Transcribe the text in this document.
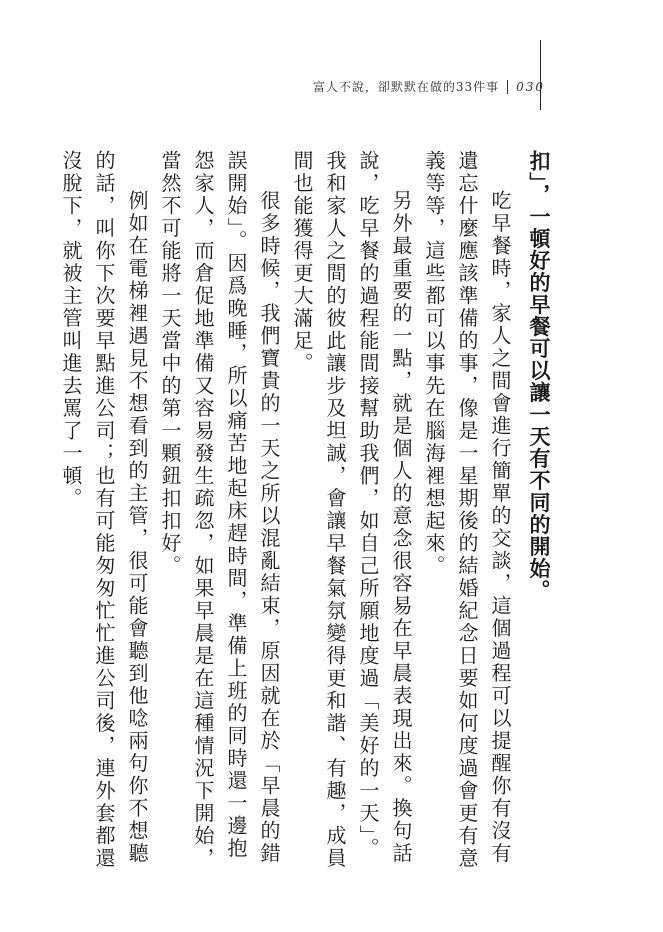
富人不說，卻默默在做的33件事 030

扣」，一頓好的早餐可以讓一天有不同的開始。

吃早餐時，家人之間會進行簡單的交談，這個過程可以提醒你有沒有遺忘什麼應該準備的事，像是一星期後的結婚紀念日要如何度過會更有意義等等，這些都可以事先在腦海裡想起來。

另外最重要的一點，就是個人的意念很容易在早晨表現出來。換句話說，吃早餐的過程能間接幫助我們，如自己所願地度過「美好的一天」。我和家人之間的彼此讓步及坦誠，會讓早餐氣氛變得更和諧、有趣，成員間也能獲得更大滿足。

很多時候，我們寶貴的一天之所以混亂結束，原因就在於「早晨的錯誤開始」。因爲晚睡，所以痛苦地起床趕時間，準備上班的同時還一邊抱怨家人，而倉促地準備又容易發生疏忽，如果早晨是在這種情況下開始，當然不可能將一天當中的第一顆鈕扣扣好。

例如在電梯裡遇見不想看到的主管，很可能會聽到他唸兩句你不想聽的話，叫你下次要早點進公司；也有可能匆匆忙忙進公司後，連外套都還沒脫下，就被主管叫進去罵了一頓。
